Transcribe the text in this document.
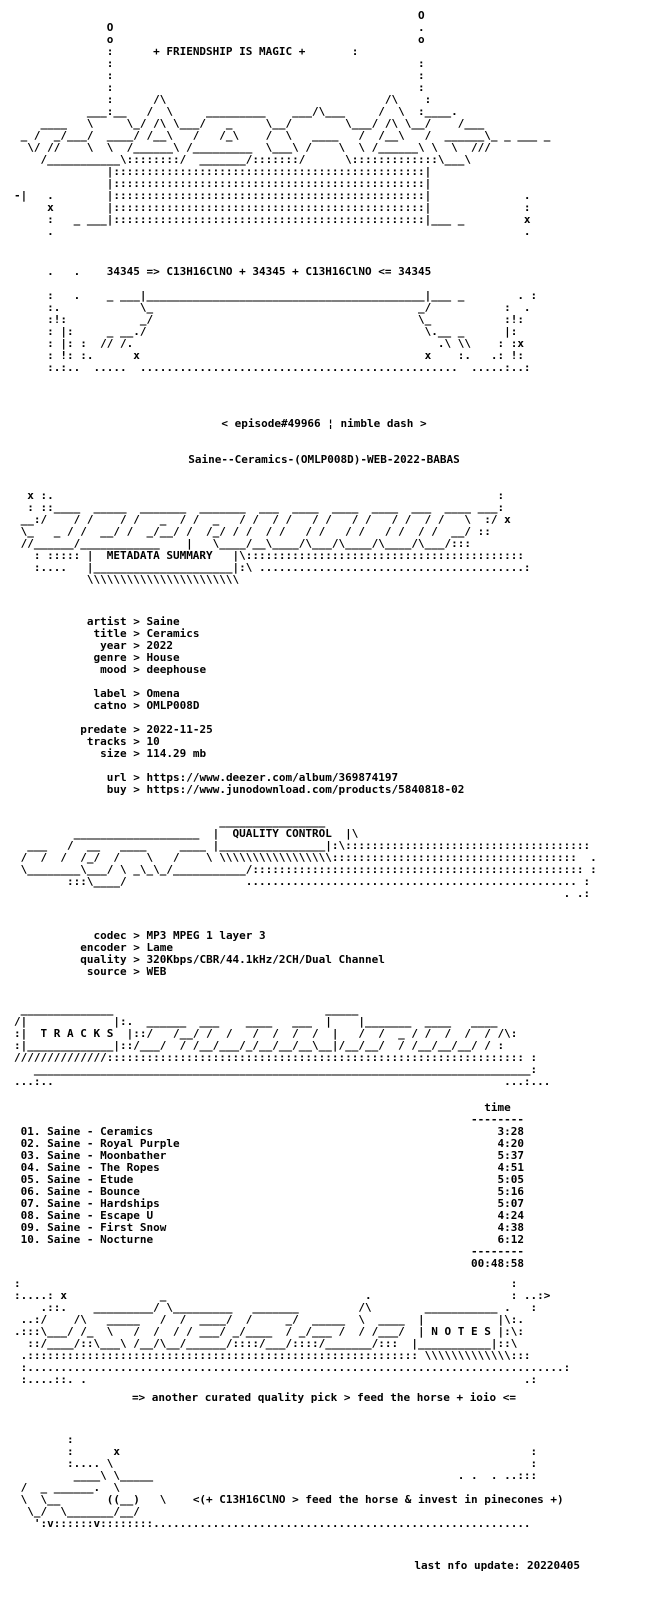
O
O                                              .
o                                              o
:	+ FRIENDSHIP IS MAGIC +	:
:                                              :
:                                              :
:                                              :
:      /\                                 /\    :
___:__   /  \     _________    ___/\___     /  \  :____.
____   \     \_/ /\ \___/   _     \__/        \___/ /\ \__/    /___
_ /  _/___/  ____/ /__\   /   /_\    /  \   ____   /  /__\   /  ______\_ _ ___ _
\/ //    \  \  /______\ /_________  \___\ /    \  \ /______\ \  \  ///
/___________\::::::::/  _______/:::::::/      \:::::::::::::\___\
|:::::::::::::::::::::::::::::::::::::::::::::::|
|:::::::::::::::::::::::::::::::::::::::::::::::|
-|   .        |:::::::::::::::::::::::::::::::::::::::::::::::|              .
x        |:::::::::::::::::::::::::::::::::::::::::::::::|              :
:   _ ___|:::::::::::::::::::::::::::::::::::::::::::::::|___ _         x
.                                                                       .
.   .    34345 => C13H16ClNO + 34345 + C13H16ClNO <= 34345
:   .    _ ___|__________________________________________|___ _        . :
:.            \_                                        _/           :  .
:!:           _/                                        \_           :!:
: |:     _ __./                                          \.__ _      |:
: |: :  // /.                                              .\ \\    : :x
: !: :.      x                                           x    :.   .: !:
:.:..  .....  ................................................  .....:..:
< episode#49966 ¦ nimble dash >
Saine--Ceramics-(OMLP008D)-WEB-2022-BABAS
x :.                                                                   :
: ::____  _____  _______  _______  ___  ____  ____  ____  ___  ____ ___:
__:/    / /    / /   _  / /  _   / /  / /   / /   / /   / /  / /   \  :/ x
\_   _ / /  __/ /  _/__/ /  /_/ / /  / /   / /   / /   / /  / /  __/ ::
//______/____________    |   \____/__\____/\___/\____/\____/\___/:::
: ::::: |  METADATA SUMMARY   |\::::::::::::::::::::::::::::::::::::::::::
:....   |_____________________|:\ ........................................:
\\\\\\\\\\\\\\\\\\\\\\\
artist > Saine
title > Ceramics
year > 2022
genre > House
mood > deephouse

label > Omena
catno > OMLP008D

predate > 2022-11-25
tracks > 10
size > 114.29 mb

url > https://www.deezer.com/album/369874197
buy > https://www.junodownload.com/products/5840818-02
________________
___________________  |  QUALITY CONTROL  |\
___   /  __   ____     ____ |________________|:\:::::::::::::::::::::::::::::::::::::
/  /  /  /_/  /    \   /    \ \\\\\\\\\\\\\\\\\:::::::::::::::::::::::::::::::::::::  .
\________\___/ \ _\_\_/___________/:::::::::::::::::::::::::::::::::::::::::::::::::: :
:::\____/                  .................................................. :
. .:
codec > MP3 MPEG 1 layer 3
encoder > Lame
quality > 320Kbps/CBR/44.1kHz/2CH/Dual Channel
source > WEB
______________                                _____
/|             |:.  ______  ___    ____   ___  |    |_______  ____   ____
:|  T R A C K S  |::/   /__/ /  /   /  /  /  /  |   /  /  _ / /  /  /  / /\:
:|_____________|::/___/  / /__/___/_/__/__/__\__|/__/__/  / /__/__/__/ / :
//////////////::::::::::::::::::::::::::::::::::::::::::::::::::::::::::::::: :
___________________________________________________________________________:
...:..                                                                    ...:...
time
--------
01. Saine - Ceramics                                                    3:28
02. Saine - Royal Purple                                                4:20
03. Saine - Moonbather                                                  5:37
04. Saine - The Ropes                                                   4:51
05. Saine - Etude                                                       5:05
06. Saine - Bounce                                                      5:16
07. Saine - Hardships                                                   5:07
08. Saine - Escape U                                                    4:24
09. Saine - First Snow                                                  4:38
10. Saine - Nocturne                                                    6:12
--------
00:48:58
:                                                                          :
:....: x              _                              .                     : ..:>
.::.    _________/ \_________   _______         /\        ___________ .   :
..:/    /\   _____   /  /  ____/  /     _/  _____  \  ____  |           |\:.
.:::\___/ /_  \   /  /  / / ___/ _/____  / _/___ /  / /___/  | N O T E S |:\:
::/____/::\___\ /__/\__/______/::::/___/::::/_______/:::  |___________|::\
.::::::::::::::::::::::::::::::::::::::::::::::::::::::::::: \\\\\\\\\\\\\:::
:.................................................................................:
:....::. .                                                                  .:
=> another curated quality pick > feed the horse + ioio <=
:
:      x                                                              :
:.... \                                                               :
____\ \_____                                              . .  . ..:::
/  _ ______.  \
\  \__       ((__)   \    <(+ C13H16ClNO > feed the horse & invest in pinecones +)
\_/  \_______/__/
':v::::::v::::::::.........................................................
last nfo update: 20220405
